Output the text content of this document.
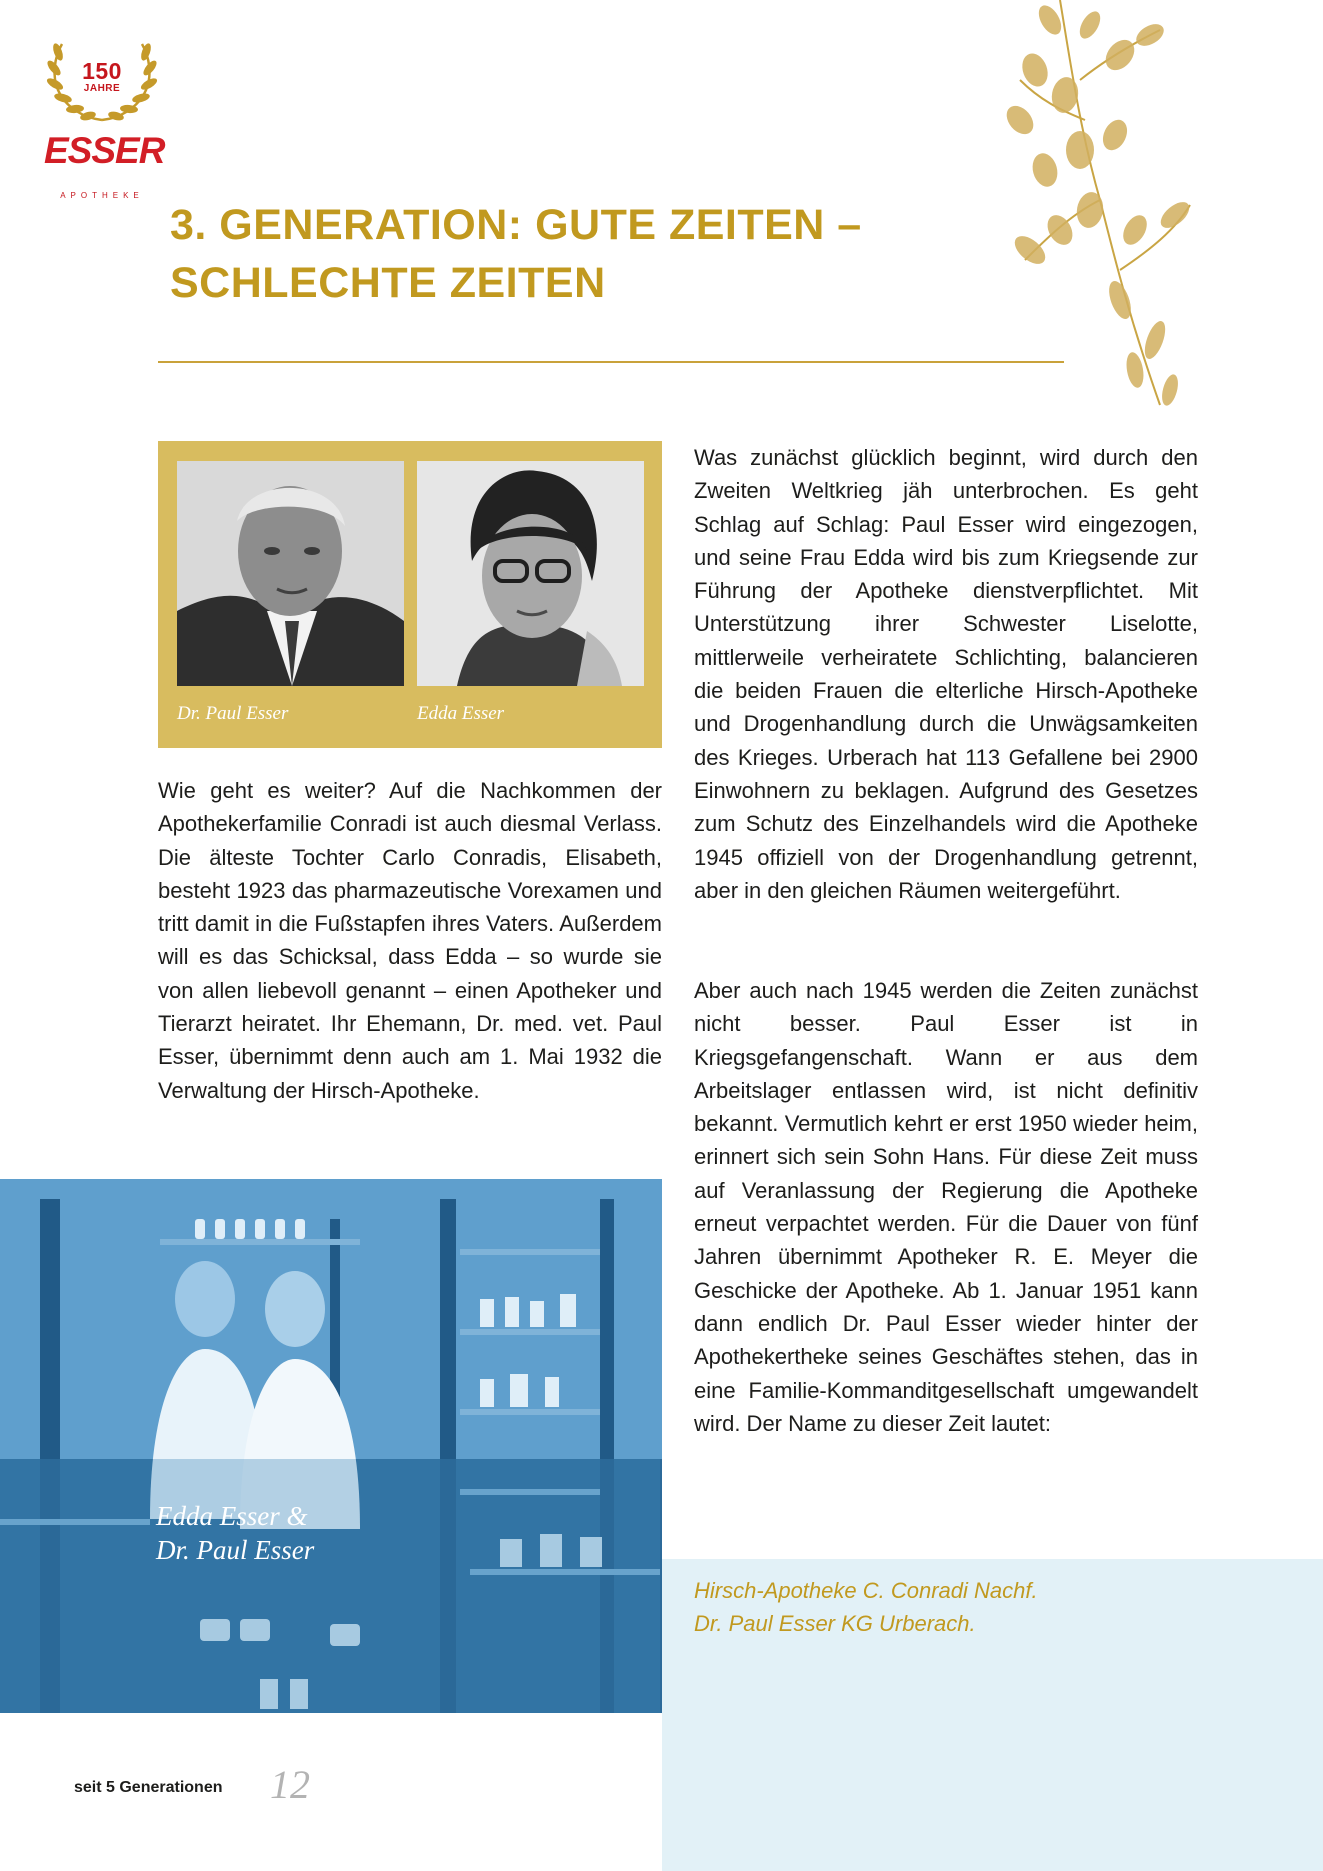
150
JAHRE
ESSER
APOTHEKE
3. GENERATION: GUTE ZEITEN –
SCHLECHTE ZEITEN
Dr. Paul Esser	Edda Esser

Wie geht es weiter? Auf die Nachkommen der Apothekerfamilie Conradi ist auch diesmal Verlass. Die älteste Tochter Carlo Conradis, Elisabeth, besteht 1923 das pharmazeutische Vorexamen und tritt damit in die Fußstapfen ihres Vaters. Außerdem will es das Schicksal, dass Edda – so wurde sie von allen liebevoll genannt – einen Apotheker und Tierarzt heiratet. Ihr Ehemann, Dr. med. vet. Paul Esser, übernimmt denn auch am 1. Mai 1932 die Verwaltung der Hirsch-Apotheke.

Was zunächst glücklich beginnt, wird durch den Zweiten Weltkrieg jäh unterbrochen. Es geht Schlag auf Schlag: Paul Esser wird eingezogen, und seine Frau Edda wird bis zum Kriegsende zur Führung der Apotheke dienstverpflichtet. Mit Unterstützung ihrer Schwester Liselotte, mittlerweile verheiratete Schlichting, balancieren die beiden Frauen die elterliche Hirsch-Apotheke und Drogenhandlung durch die Unwägsamkeiten des Krieges. Urberach hat 113 Gefallene bei 2900 Einwohnern zu beklagen. Aufgrund des Gesetzes zum Schutz des Einzelhandels wird die Apotheke 1945 offiziell von der Drogenhandlung getrennt, aber in den gleichen Räumen weitergeführt.

Aber auch nach 1945 werden die Zeiten zunächst nicht besser. Paul Esser ist in Kriegsgefangenschaft. Wann er aus dem Arbeitslager entlassen wird, ist nicht definitiv bekannt. Vermutlich kehrt er erst 1950 wieder heim, erinnert sich sein Sohn Hans. Für diese Zeit muss auf Veranlassung der Regierung die Apotheke erneut verpachtet werden. Für die Dauer von fünf Jahren übernimmt Apotheker R. E. Meyer die Geschicke der Apotheke. Ab 1. Januar 1951 kann dann endlich Dr. Paul Esser wieder hinter der Apothekertheke seines Geschäftes stehen, das in eine Familie-Kommanditgesellschaft umgewandelt wird. Der Name zu dieser Zeit lautet:

Edda Esser &
Dr. Paul Esser

Hirsch-Apotheke C. Conradi Nachf.
Dr. Paul Esser KG Urberach.

seit 5 Generationen 12
